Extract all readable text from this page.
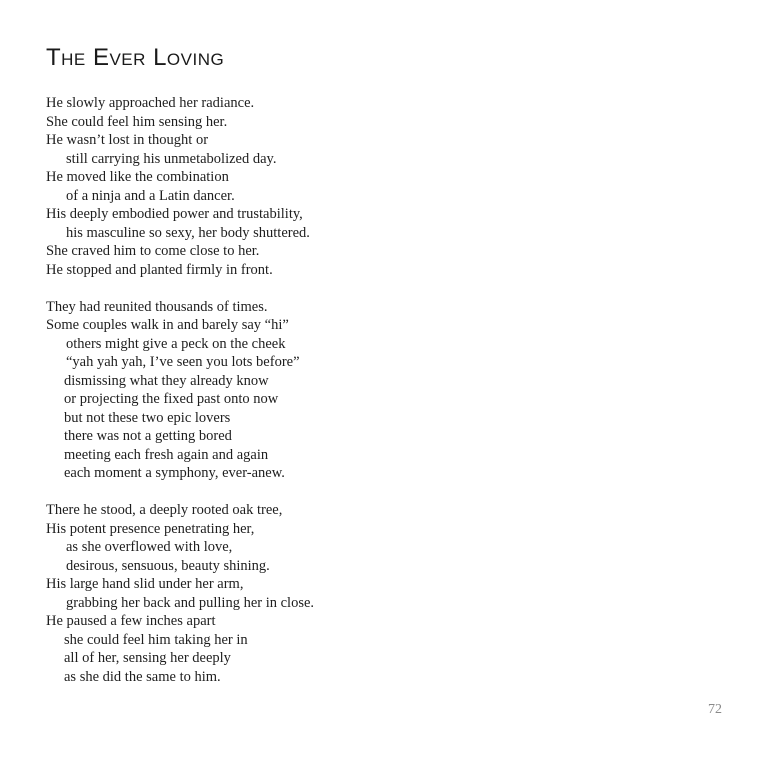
The Ever Loving
He slowly approached her radiance.
She could feel him sensing her.
He wasn’t lost in thought or
still carrying his unmetabolized day.
He moved like the combination
of a ninja and a Latin dancer.
His deeply embodied power and trustability,
his masculine so sexy, her body shuttered.
She craved him to come close to her.
He stopped and planted firmly in front.
They had reunited thousands of times.
Some couples walk in and barely say “hi”
others might give a peck on the cheek
“yah yah yah, I’ve seen you lots before”
dismissing what they already know
or projecting the fixed past onto now
but not these two epic lovers
there was not a getting bored
meeting each fresh again and again
each moment a symphony, ever-anew.
There he stood, a deeply rooted oak tree,
His potent presence penetrating her,
as she overflowed with love,
desirous, sensuous, beauty shining.
His large hand slid under her arm,
grabbing her back and pulling her in close.
He paused a few inches apart
she could feel him taking her in
all of her, sensing her deeply
as she did the same to him.
72
